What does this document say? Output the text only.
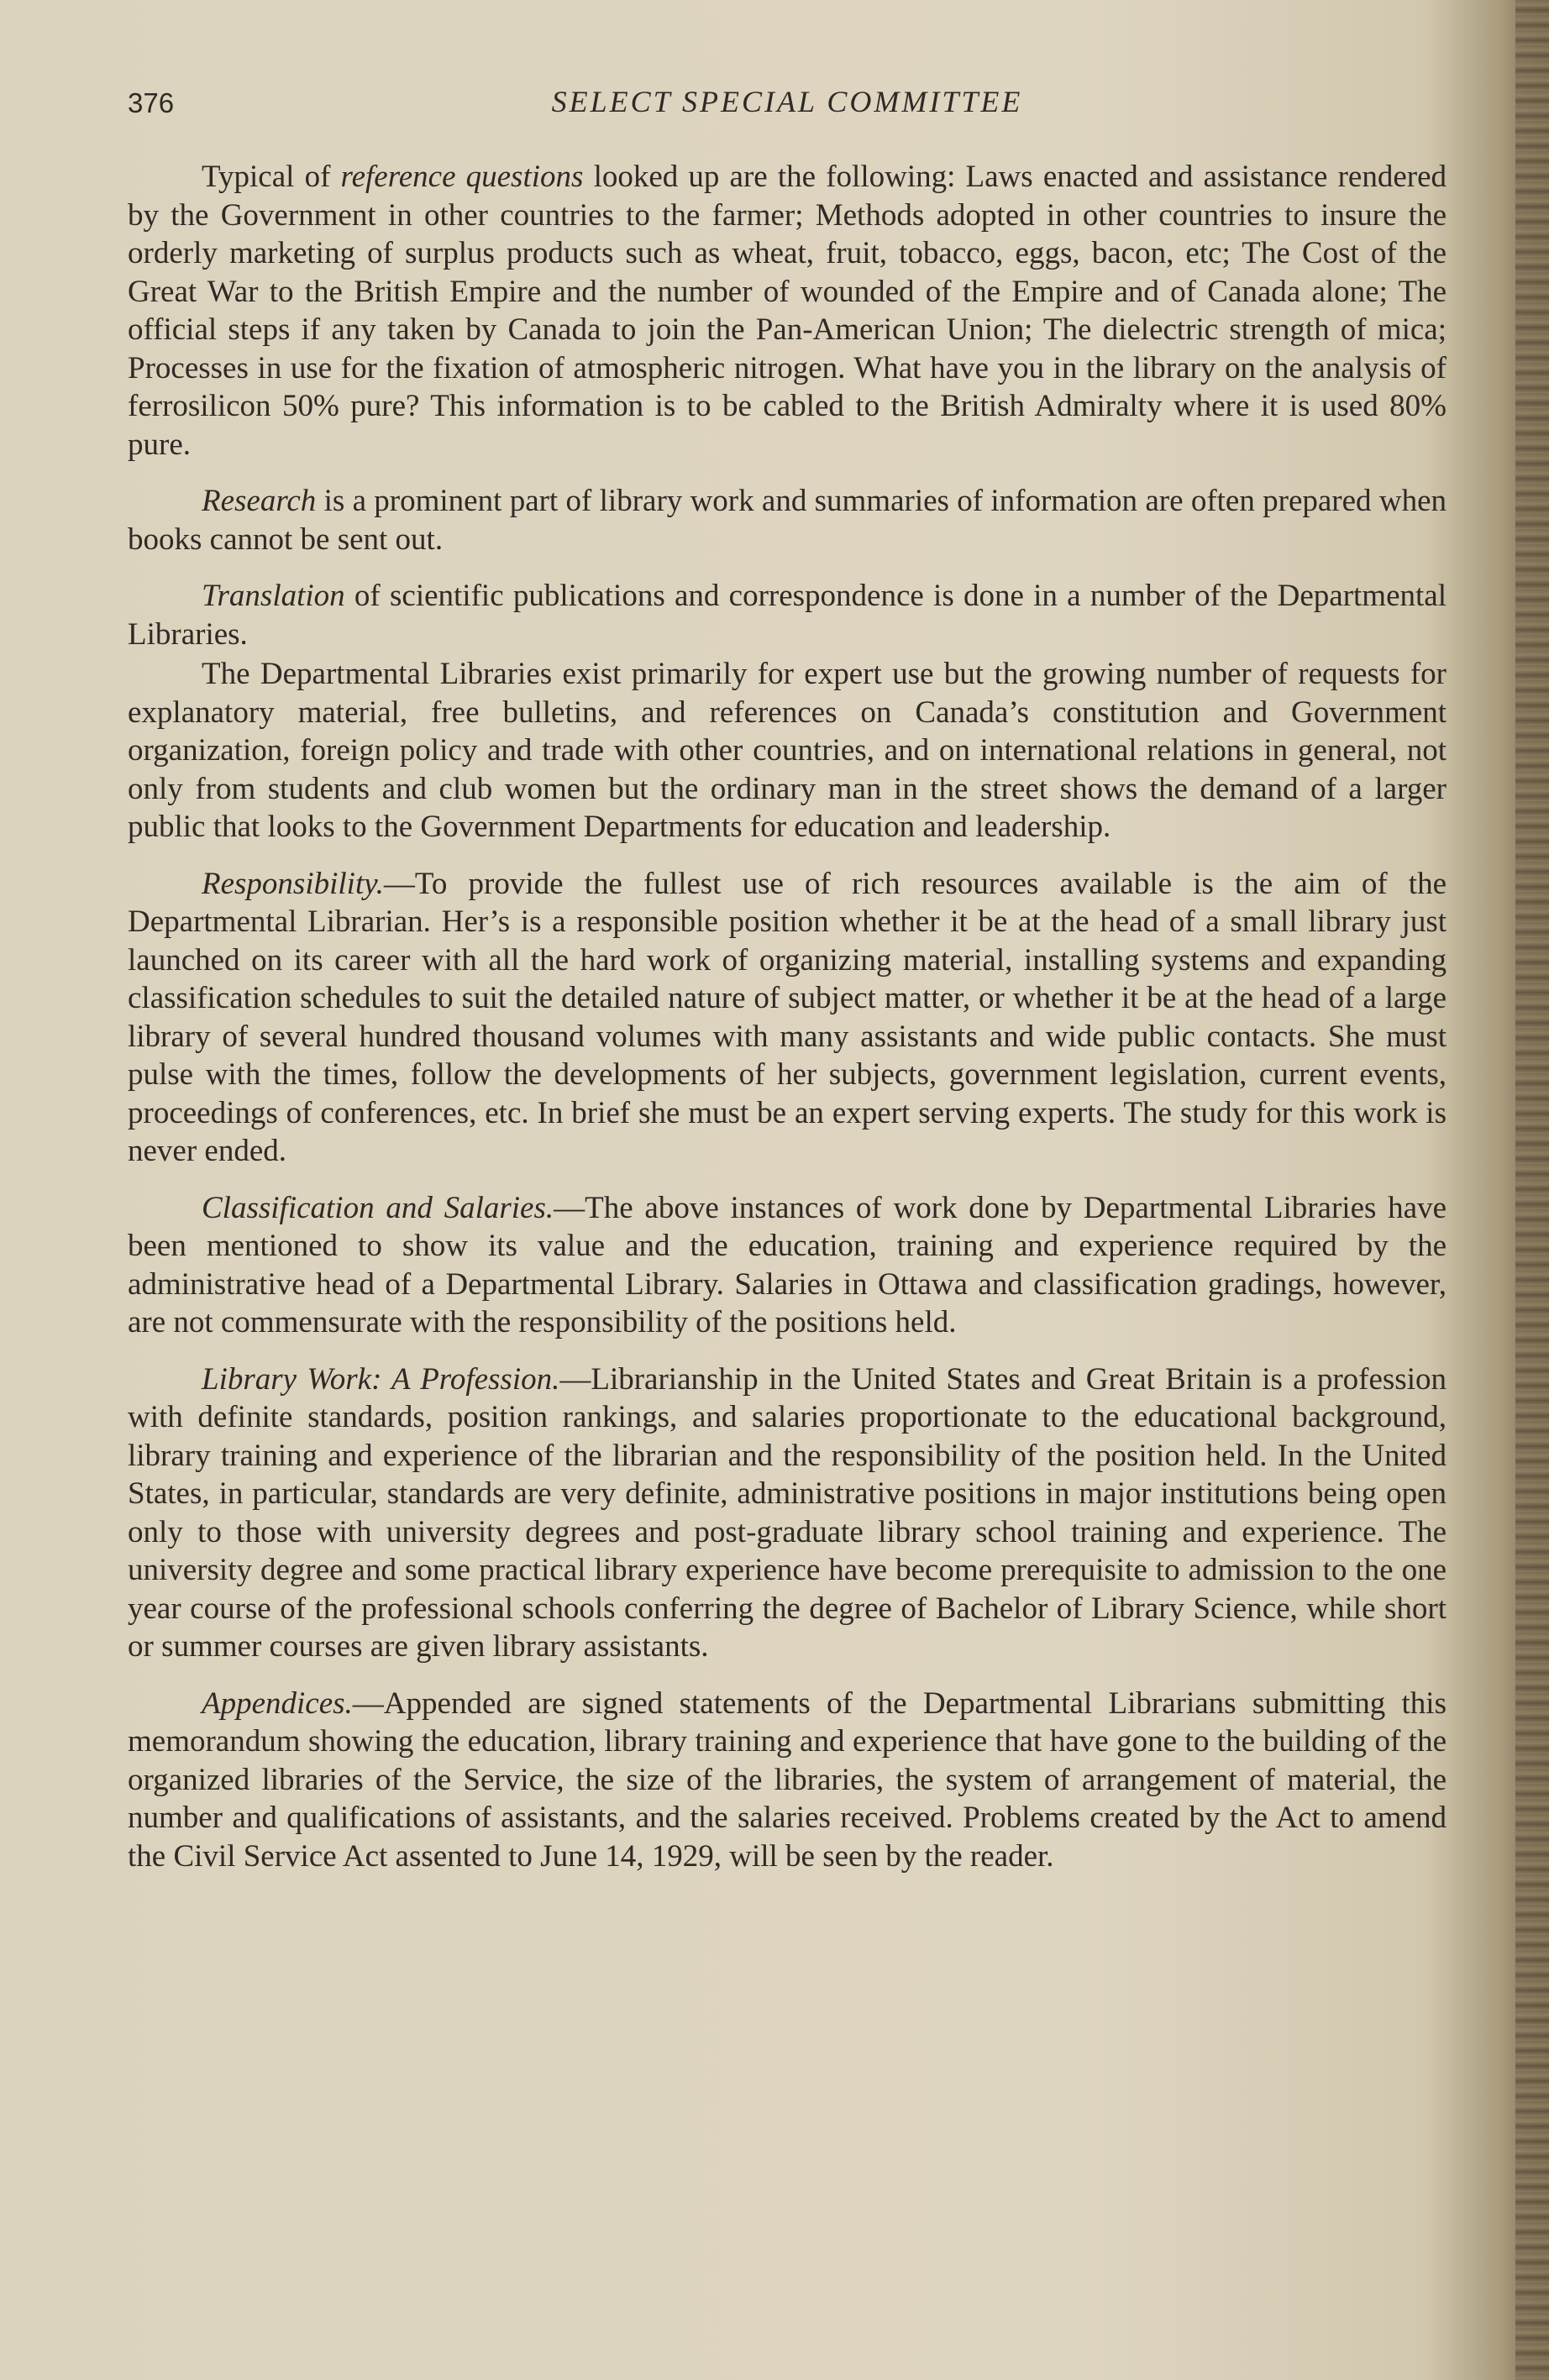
376	SELECT SPECIAL COMMITTEE

Typical of reference questions looked up are the following: Laws enacted and assistance rendered by the Government in other countries to the farmer; Methods adopted in other countries to insure the orderly marketing of surplus products such as wheat, fruit, tobacco, eggs, bacon, etc; The Cost of the Great War to the British Empire and the number of wounded of the Empire and of Canada alone; The official steps if any taken by Canada to join the Pan-American Union; The dielectric strength of mica; Processes in use for the fixation of atmospheric nitrogen. What have you in the library on the analysis of ferrosilicon 50% pure? This information is to be cabled to the British Admiralty where it is used 80% pure.

Research is a prominent part of library work and summaries of information are often prepared when books cannot be sent out.

Translation of scientific publications and correspondence is done in a number of the Departmental Libraries.

The Departmental Libraries exist primarily for expert use but the growing number of requests for explanatory material, free bulletins, and references on Canada’s constitution and Government organization, foreign policy and trade with other countries, and on international relations in general, not only from students and club women but the ordinary man in the street shows the demand of a larger public that looks to the Government Departments for education and leadership.

Responsibility.—To provide the fullest use of rich resources available is the aim of the Departmental Librarian. Her’s is a responsible position whether it be at the head of a small library just launched on its career with all the hard work of organizing material, installing systems and expanding classification schedules to suit the detailed nature of subject matter, or whether it be at the head of a large library of several hundred thousand volumes with many assistants and wide public contacts. She must pulse with the times, follow the developments of her subjects, government legislation, current events, proceedings of conferences, etc. In brief she must be an expert serving experts. The study for this work is never ended.

Classification and Salaries.—The above instances of work done by Departmental Libraries have been mentioned to show its value and the education, training and experience required by the administrative head of a Departmental Library. Salaries in Ottawa and classification gradings, however, are not commensurate with the responsibility of the positions held.

Library Work: A Profession.—Librarianship in the United States and Great Britain is a profession with definite standards, position rankings, and salaries proportionate to the educational background, library training and experience of the librarian and the responsibility of the position held. In the United States, in particular, standards are very definite, administrative positions in major institutions being open only to those with university degrees and post-graduate library school training and experience. The university degree and some practical library experience have become prerequisite to admission to the one year course of the professional schools conferring the degree of Bachelor of Library Science, while short or summer courses are given library assistants.

Appendices.—Appended are signed statements of the Departmental Librarians submitting this memorandum showing the education, library training and experience that have gone to the building of the organized libraries of the Service, the size of the libraries, the system of arrangement of material, the number and qualifications of assistants, and the salaries received. Problems created by the Act to amend the Civil Service Act assented to June 14, 1929, will be seen by the reader.
